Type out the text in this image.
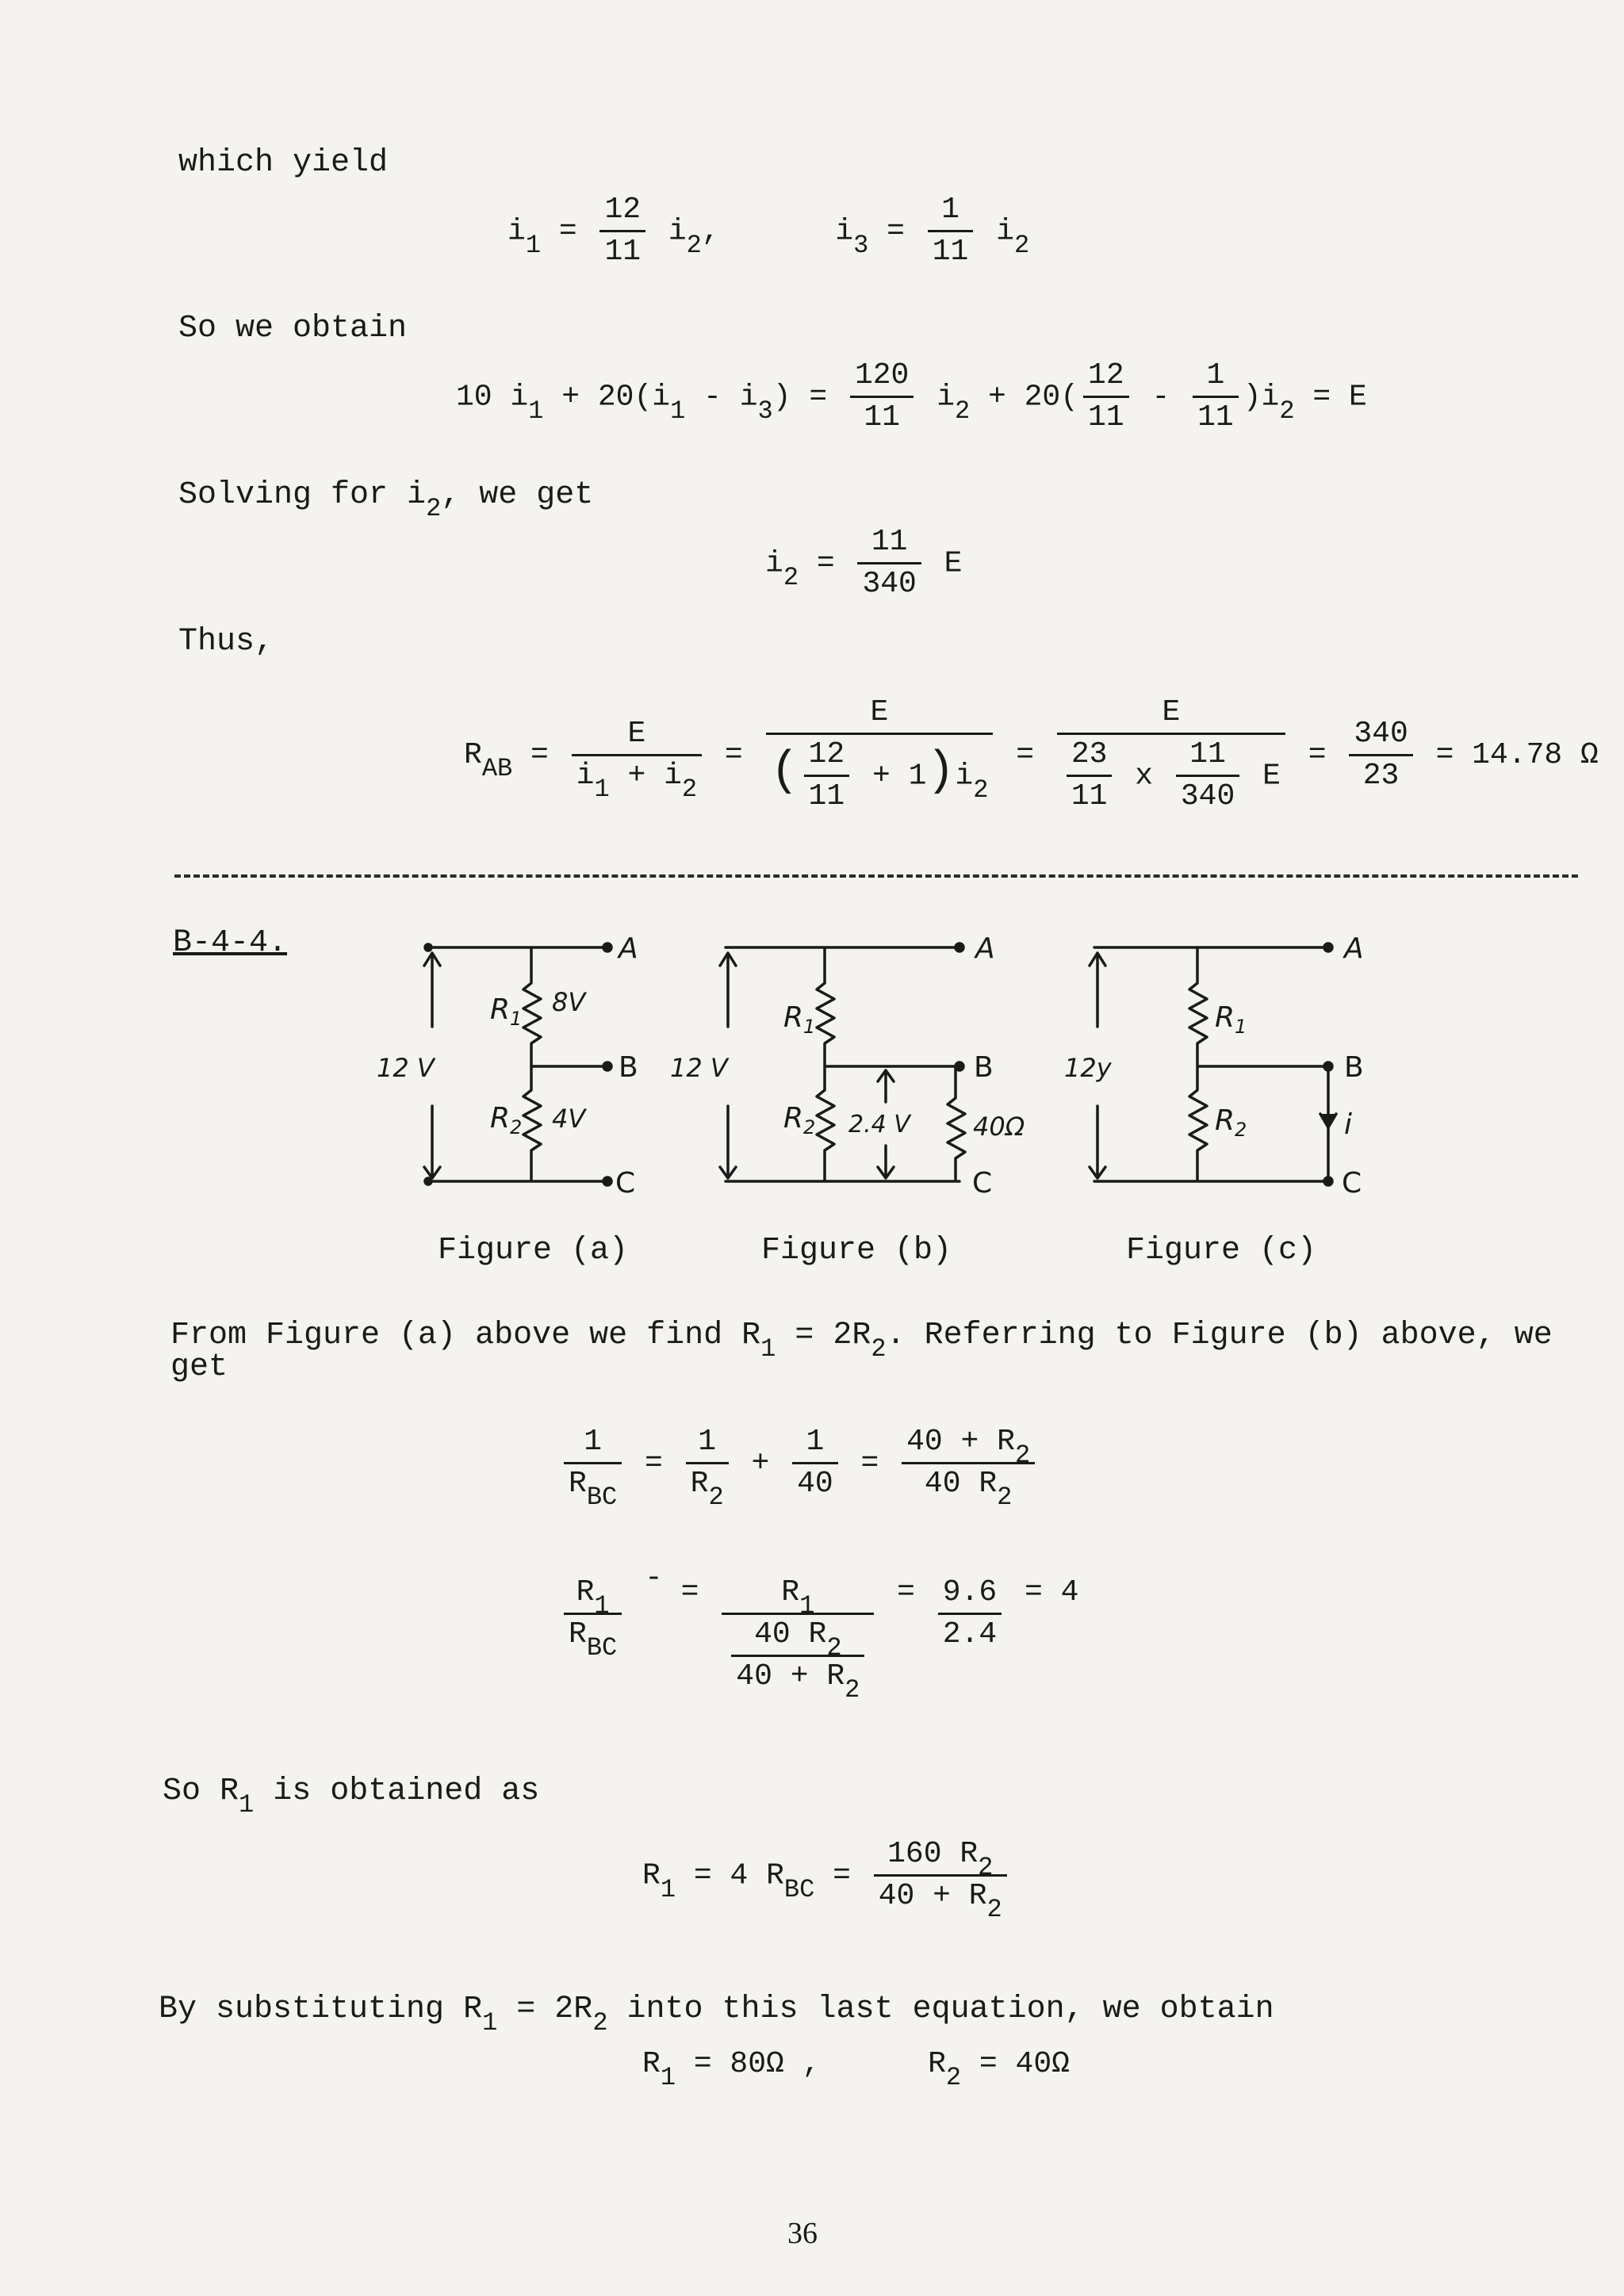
which yield
$i_1 = \frac{12}{11} i_2$,	$i_3 = \frac{1}{11} i_2$
So we obtain
10 $i_1 + 20(i_1 - i_3) = \frac{120}{11} i_2 + 20( \frac{12}{11} - \frac{1}{11} )i_2 = E$
Solving for $i_2$, we get
$i_2 = \frac{11}{340}$ E
Thus,
$R_{AB} = \frac{E}{i_1 + i_2} = \frac{E}{( \frac{12}{11} + 1)i_2} = \frac{E}{\frac{23}{11} x \frac{11}{340} E} = \frac{340}{23} = 14.78$ Ω
B-4-4.	A
B
C
12 V
$R_1$
8V
$R_2$ 4V
A
B
C
12 V
$R_1$
$R_2$ 2.4 V 40Ω
A
B
C
12y
$R_1$
$R_2$	i
Figure (a)	Figure (b)	Figure (c)
From Figure (a) above we find $R_1 = 2R_2$. Referring to Figure (b) above, we
get
$\frac{1}{R_{BC}} = \frac{1}{R_2} + \frac{1}{40} = \frac{40 + R_2}{40 R_2}$
$\frac{R_1}{R_{BC}}$ - = $\frac{R_1}{\frac{40 R_2}{40 + R_2}} = \frac{9.6}{2.4} = 4$
So $R_1$ is obtained as
$R_1 = 4$ $R_{BC} = \frac{160 R_2}{40 + R_2}$
By substituting $R_1 = 2R_2$ into this last equation, we obtain
$R_1 = 80\Omega$ ,	$R_2 = 40\Omega$
36
